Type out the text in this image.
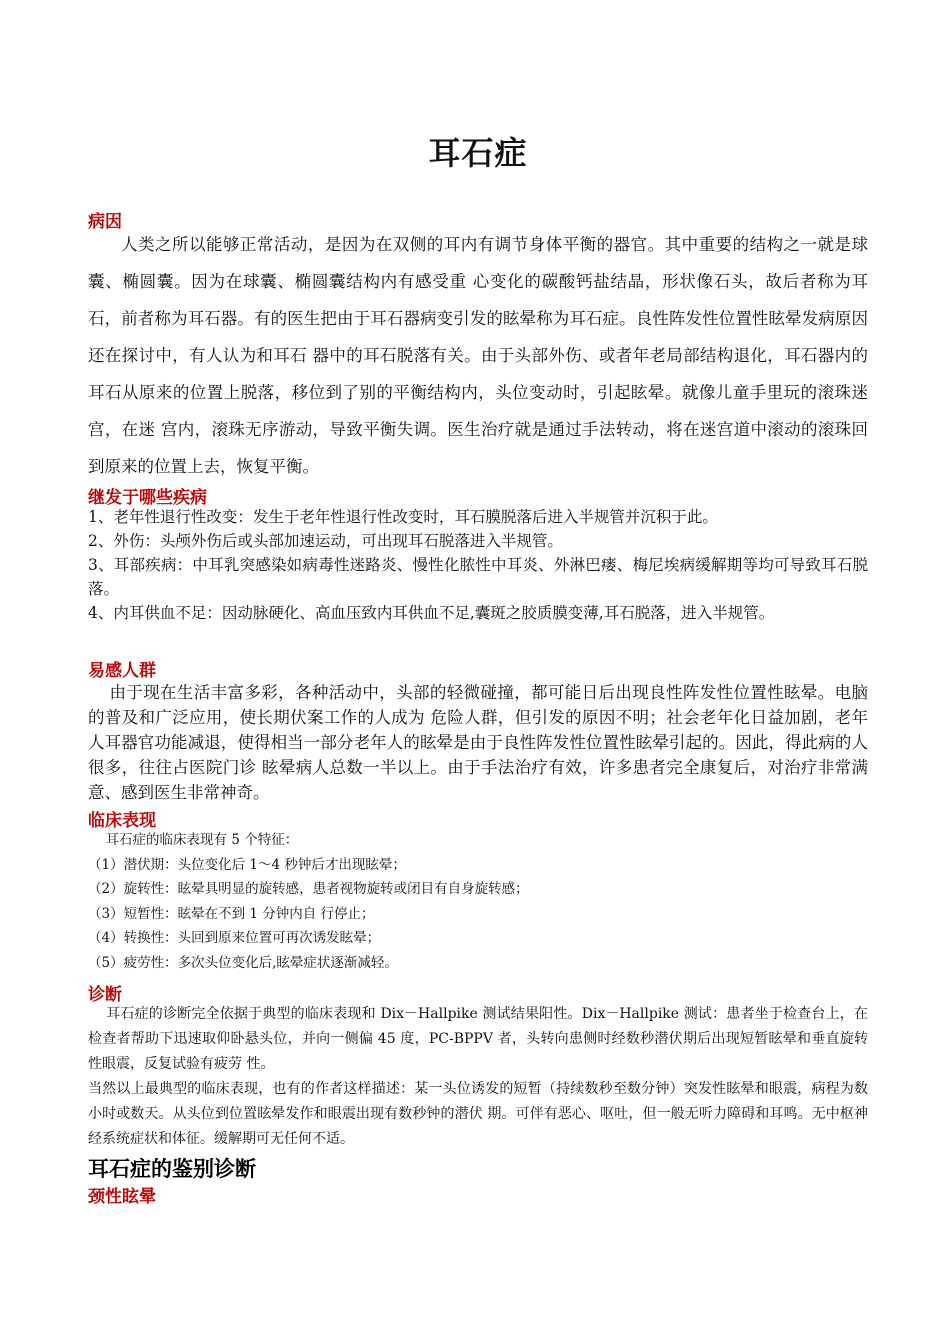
耳石症
病因

人类之所以能够正常活动，是因为在双侧的耳内有调节身体平衡的器官。其中重要的结构之一就是球囊、椭圆囊。因为在球囊、椭圆囊结构内有感受重 心变化的碳酸钙盐结晶，形状像石头，故后者称为耳石，前者称为耳石器。有的医生把由于耳石器病变引发的眩晕称为耳石症。良性阵发性位置性眩晕发病原因还在探讨中，有人认为和耳石 器中的耳石脱落有关。由于头部外伤、或者年老局部结构退化，耳石器内的耳石从原来的位置上脱落，移位到了别的平衡结构内，头位变动时，引起眩晕。就像儿童手里玩的滚珠迷宫，在迷 宫内，滚珠无序游动，导致平衡失调。医生治疗就是通过手法转动，将在迷宫道中滚动的滚珠回到原来的位置上去，恢复平衡。

继发于哪些疾病
1、老年性退行性改变：发生于老年性退行性改变时，耳石膜脱落后进入半规管并沉积于此。
2、外伤：头颅外伤后或头部加速运动，可出现耳石脱落进入半规管。
3、耳部疾病：中耳乳突感染如病毒性迷路炎、慢性化脓性中耳炎、外淋巴瘘、梅尼埃病缓解期等均可导致耳石脱落。
4、内耳供血不足：因动脉硬化、高血压致内耳供血不足,囊斑之胶质膜变薄,耳石脱落，进入半规管。
易感人群

由于现在生活丰富多彩，各种活动中，头部的轻微碰撞，都可能日后出现良性阵发性位置性眩晕。电脑的普及和广泛应用，使长期伏案工作的人成为 危险人群，但引发的原因不明；社会老年化日益加剧，老年人耳器官功能减退，使得相当一部分老年人的眩晕是由于良性阵发性位置性眩晕引起的。因此，得此病的人很多，往往占医院门诊 眩晕病人总数一半以上。由于手法治疗有效，许多患者完全康复后，对治疗非常满意、感到医生非常神奇。

临床表现
耳石症的临床表现有 5 个特征：
（1）潜伏期：头位变化后 1～4 秒钟后才出现眩晕；
（2）旋转性：眩晕具明显的旋转感，患者视物旋转或闭目有自身旋转感；
（3）短暂性：眩晕在不到 1 分钟内自 行停止；
（4）转换性：头回到原来位置可再次诱发眩晕；
（5）疲劳性：多次头位变化后,眩晕症状逐渐减轻。
诊断
耳石症的诊断完全依据于典型的临床表现和 Dix－Hallpike 测试结果阳性。Dix－Hallpike 测试：患者坐于检查台上，在检查者帮助下迅速取仰卧悬头位，并向一侧偏 45 度，PC-BPPV 者，头转向患侧时经数秒潜伏期后出现短暂眩晕和垂直旋转性眼震，反复试验有疲劳 性。
当然以上最典型的临床表现，也有的作者这样描述：某一头位诱发的短暂（持续数秒至数分钟）突发性眩晕和眼震，病程为数小时或数天。从头位到位置眩晕发作和眼震出现有数秒钟的潜伏 期。可伴有恶心、呕吐，但一般无听力障碍和耳鸣。无中枢神经系统症状和体征。缓解期可无任何不适。
耳石症的鉴别诊断
颈性眩晕
